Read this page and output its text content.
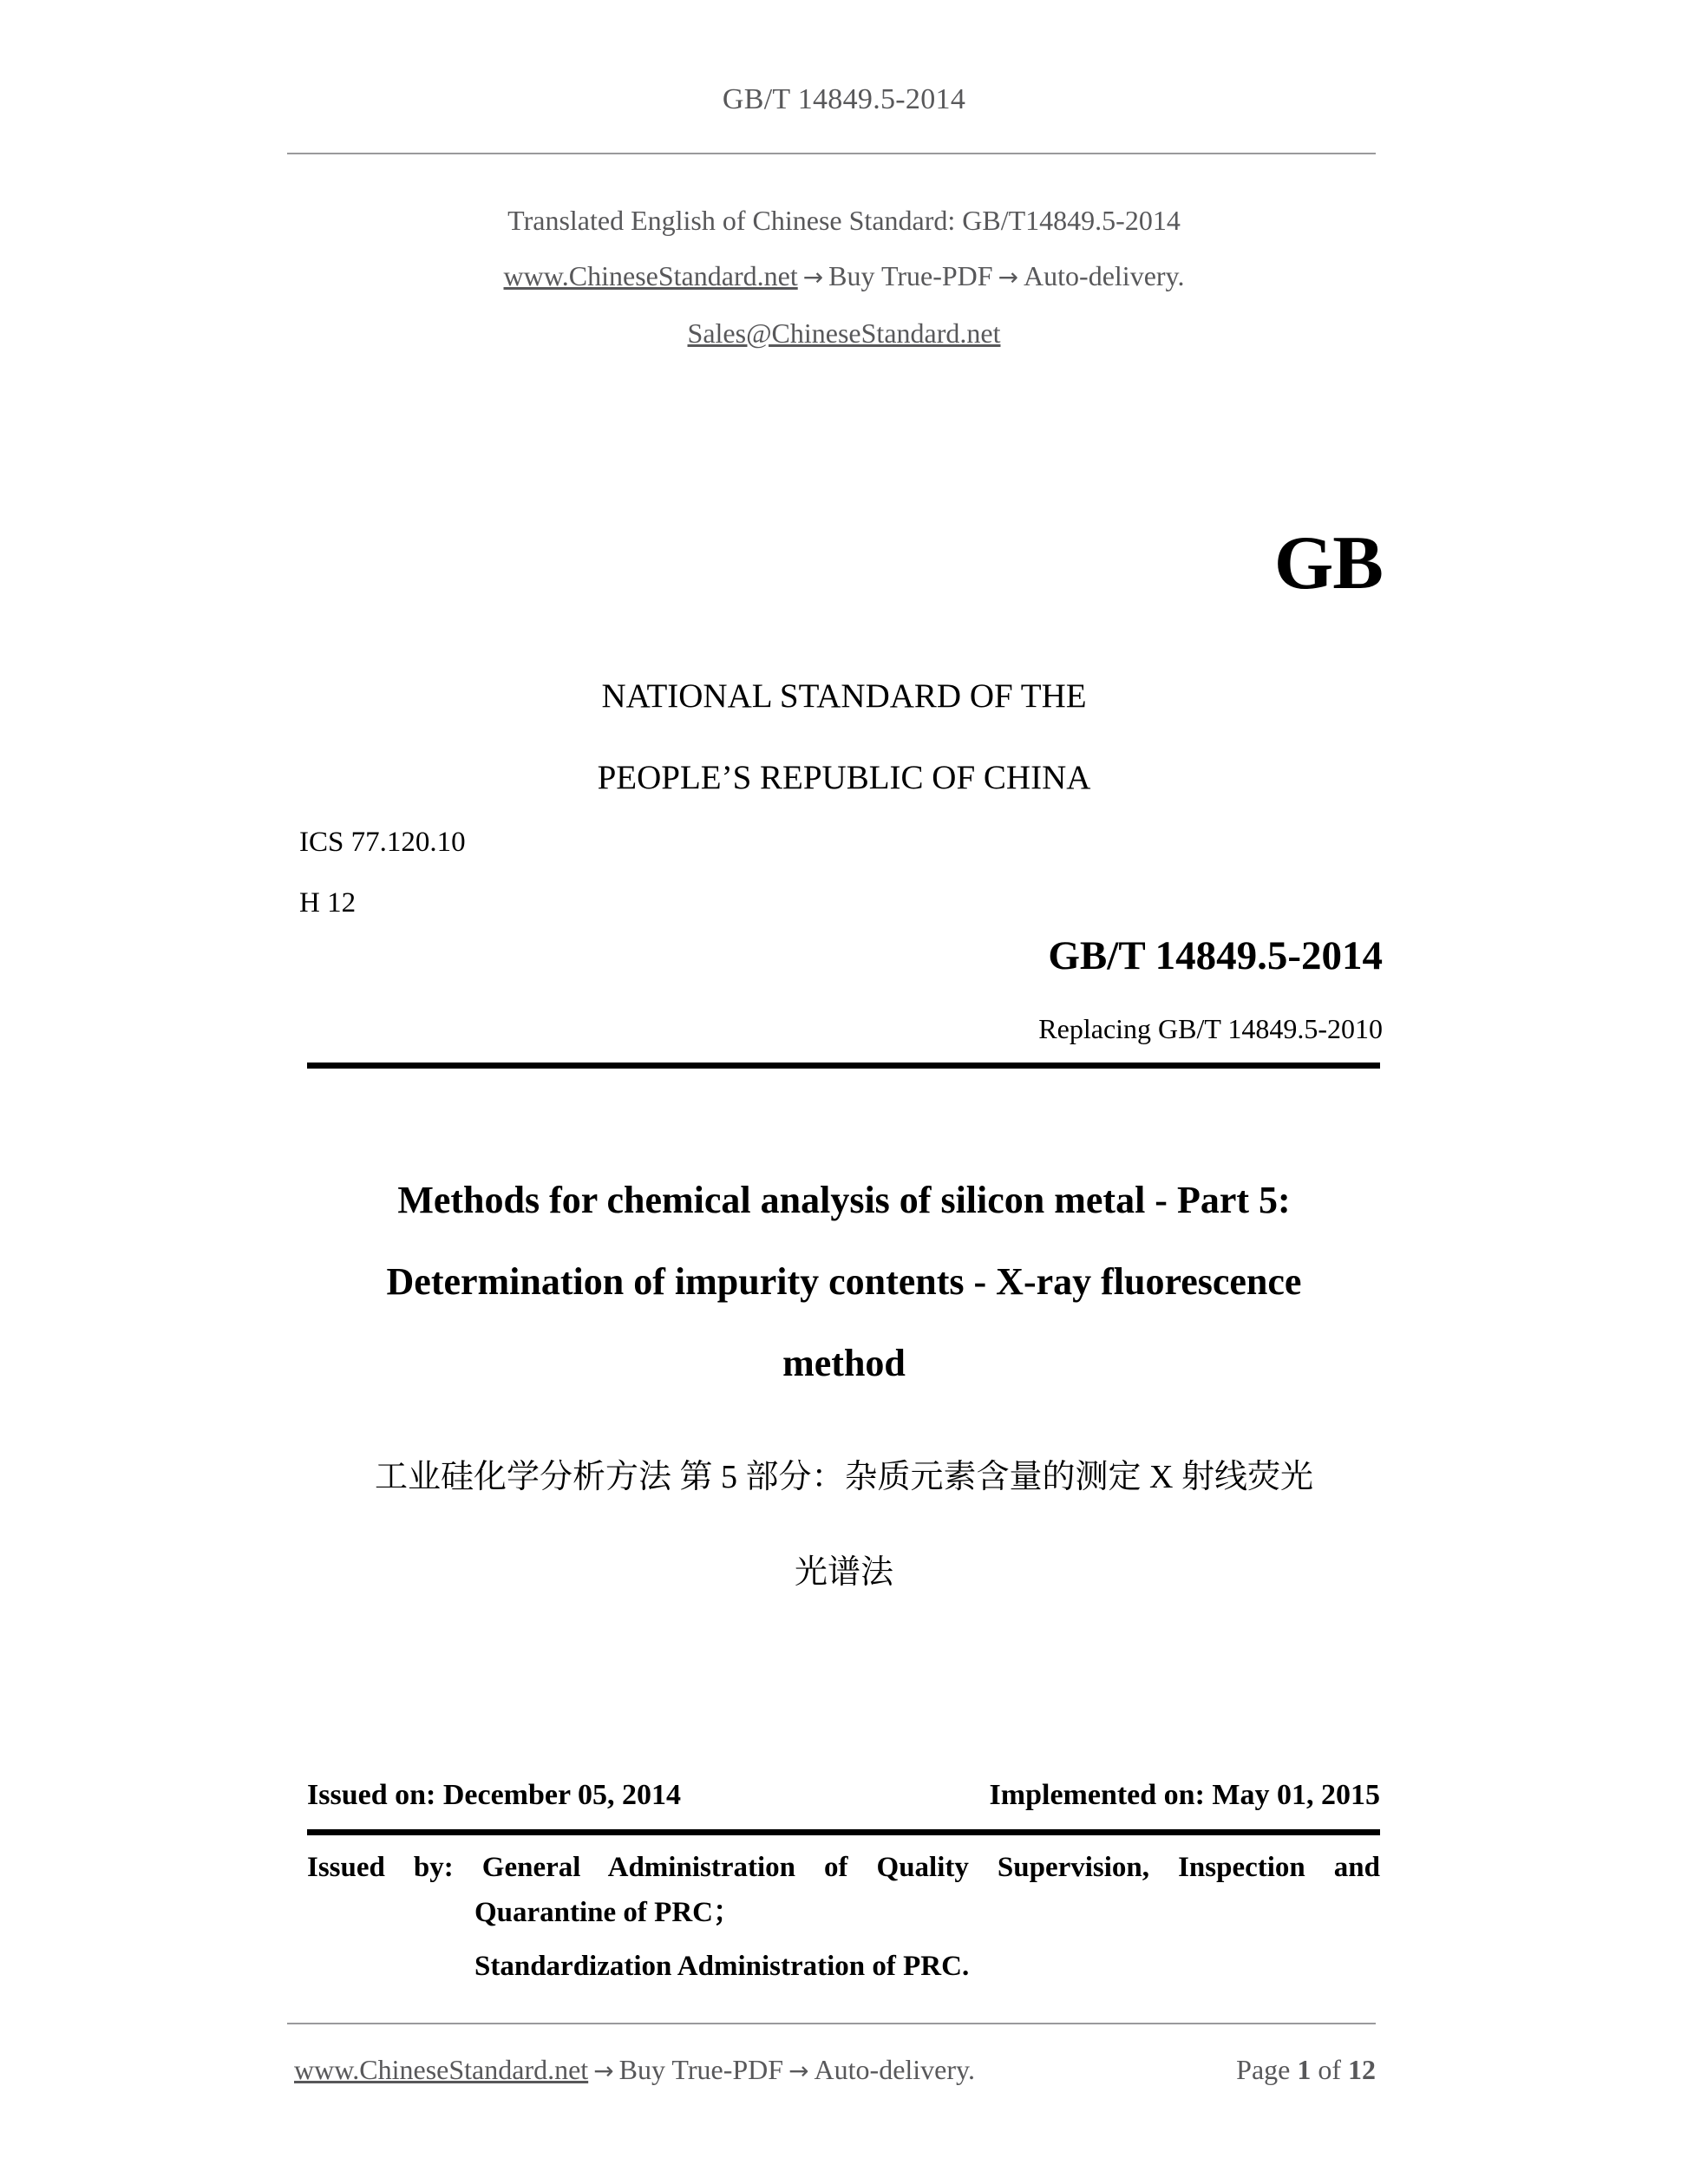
GB/T 14849.5-2014
Translated English of Chinese Standard: GB/T14849.5-2014
www.ChineseStandard.net → Buy True-PDF → Auto-delivery.
Sales@ChineseStandard.net
GB
NATIONAL STANDARD OF THE
PEOPLE’S REPUBLIC OF CHINA
ICS 77.120.10
H 12
GB/T 14849.5-2014
Replacing GB/T 14849.5-2010
Methods for chemical analysis of silicon metal - Part 5:
Determination of impurity contents - X-ray fluorescence
method
工业硅化学分析方法 第 5 部分：杂质元素含量的测定 X 射线荧光
光谱法
Issued on: December 05, 2014	Implemented on: May 01, 2015
Issued by: General Administration of Quality Supervision, Inspection and
Quarantine of PRC；
Standardization Administration of PRC.
www.ChineseStandard.net → Buy True-PDF → Auto-delivery.	Page 1 of 12
